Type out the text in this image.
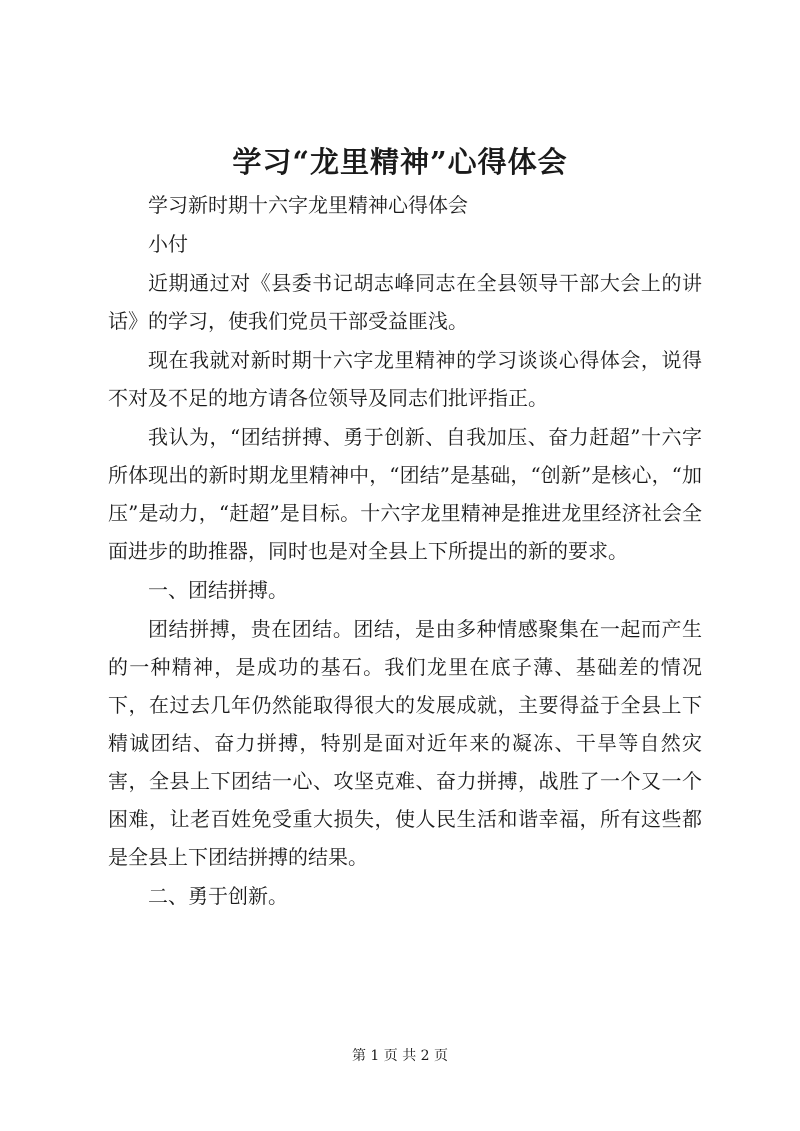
学习“龙里精神”心得体会

学习新时期十六字龙里精神心得体会

小付

近期通过对《县委书记胡志峰同志在全县领导干部大会上的讲话》的学习，使我们党员干部受益匪浅。

现在我就对新时期十六字龙里精神的学习谈谈心得体会，说得不对及不足的地方请各位领导及同志们批评指正。

我认为，“团结拼搏、勇于创新、自我加压、奋力赶超”十六字所体现出的新时期龙里精神中，“团结”是基础，“创新”是核心，“加压”是动力，“赶超”是目标。十六字龙里精神是推进龙里经济社会全面进步的助推器，同时也是对全县上下所提出的新的要求。

一、团结拼搏。

团结拼搏，贵在团结。团结，是由多种情感聚集在一起而产生的一种精神，是成功的基石。我们龙里在底子薄、基础差的情况下，在过去几年仍然能取得很大的发展成就，主要得益于全县上下精诚团结、奋力拼搏，特别是面对近年来的凝冻、干旱等自然灾害，全县上下团结一心、攻坚克难、奋力拼搏，战胜了一个又一个困难，让老百姓免受重大损失，使人民生活和谐幸福，所有这些都是全县上下团结拼搏的结果。

二、勇于创新。

第 1 页 共 2 页
